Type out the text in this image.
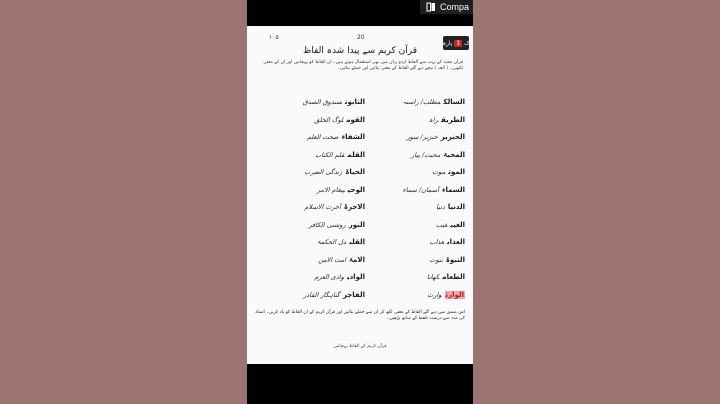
١٠٥	20
پارہ 1 ک
قرآن کریم سے پیدا شدہ الفاظ
قرآن مجید کے بہت سے الفاظ اردو زبان میں بھی استعمال ہوتے ہیں۔ ان الفاظ کو پہچانیں اور ان کے معنی لکھیں۔ ( الف ) نیچے دیے گئے الفاظ کے معنی بتائیں اور جملے بنائیں۔
السالکمطلب/ راستہ
التابوتصندوق الصدق
الطریقراہ
القوملوگ الخلق
الحنزیرخنزیر/ سور
الشفاءصحت العلم
المحبۃمحبت/ پیار
القلمقلم الکتاب
الموتموت
الحیاۃزندگی الضرب
السماءآسمان/ سماء
الوحیپیغام الامر
الدنیادنیا
الاخرۃآخرت الاسلام
الغیبغیب
النورروشنی الکافر
العذابعذاب
القلبدل الحکمۃ
النبوۃنبوت
الامۃامت الامن
الطعامکھانا
الوادیوادی العزم
الوارثوارث
الفاجرگناہگار القادر
اس مشق میں دیے گئے الفاظ کے معنی لکھ کر ان سے جملے بنائیں اور قرآن کریم کے ان الفاظ کو یاد کریں۔ استاد کی مدد سے درست تلفظ کے ساتھ پڑھیں۔
قرآن کریم کے الفاظ پہچانیں
Compa
